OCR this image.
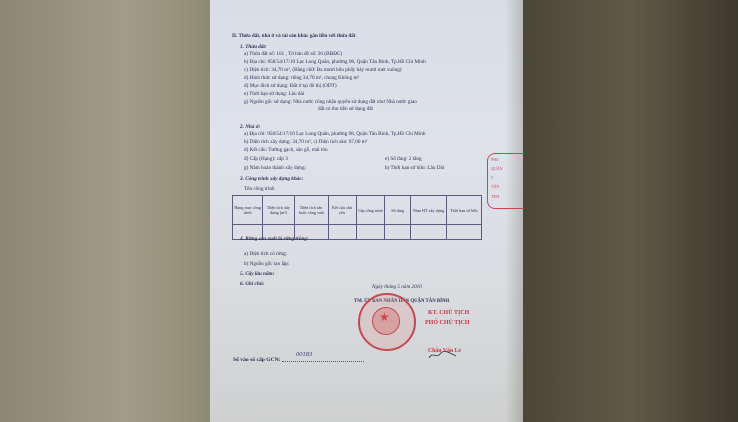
II. Thửa đất, nhà ở và tài sản khác gắn liền với thửa đất
1. Thửa đất:
a) Thửa đất số: 101 , Tờ bản đồ số: 26 (BĐĐC)
b) Địa chỉ: 958/54/17/10 Lạc Long Quân, phường 08, Quận Tân Bình, Tp.Hồ Chí Minh
c) Diện tích: 34,70 m², (Bằng chữ: Ba mươi bốn phẩy bảy mươi mét vuông)
d) Hình thức sử dụng: riêng 34,70 m², chung Không m²
đ) Mục đích sử dụng: Đất ở tại đô thị (ODT)
e) Thời hạn sử dụng: Lâu dài
g) Nguồn gốc sử dụng: Nhà nước công nhận quyền sử dụng đất như Nhà nước giao
đất có thu tiền sử dụng đất
2. Nhà ở:
a) Địa chỉ: 958/54/17/10 Lạc Long Quân, phường 08, Quận Tân Bình, Tp.Hồ Chí Minh
b) Diện tích xây dựng: 34,70 m², c) Diện tích sàn: 67,60 m²
d) Kết cấu: Tường gạch, sàn gỗ, mái tôn
đ) Cấp (Hạng): cấp 3	e) Số tầng: 2 tầng
g) Năm hoàn thành xây dựng:	h) Thời hạn sở hữu: Lâu Dài
3. Công trình xây dựng khác:
Tên công trình
Hạng mục công trình	Diện tích xây dựng (m²)	Diện tích sàn hoặc công suất	Kết cấu chủ yếu	Cấp công trình	Số tầng	Năm HT xây dựng	Thời hạn sở hữu

4. Rừng sản xuất là rừng trồng:
a) Diện tích có rừng:
b) Nguồn gốc tạo lập:
5. Cây lâu năm:
6. Ghi chú:	Ngày tháng 5 năm 2010
TM. ỦY BAN NHÂN DÂN QUẬN TÂN BÌNH
KT. CHỦ TỊCH
PHÓ CHỦ TỊCH
★
Châu Văn Le
Số vào sổ cấp GCN:
00183
PHƯ
QUẬN
C
TÂN
TP.H
